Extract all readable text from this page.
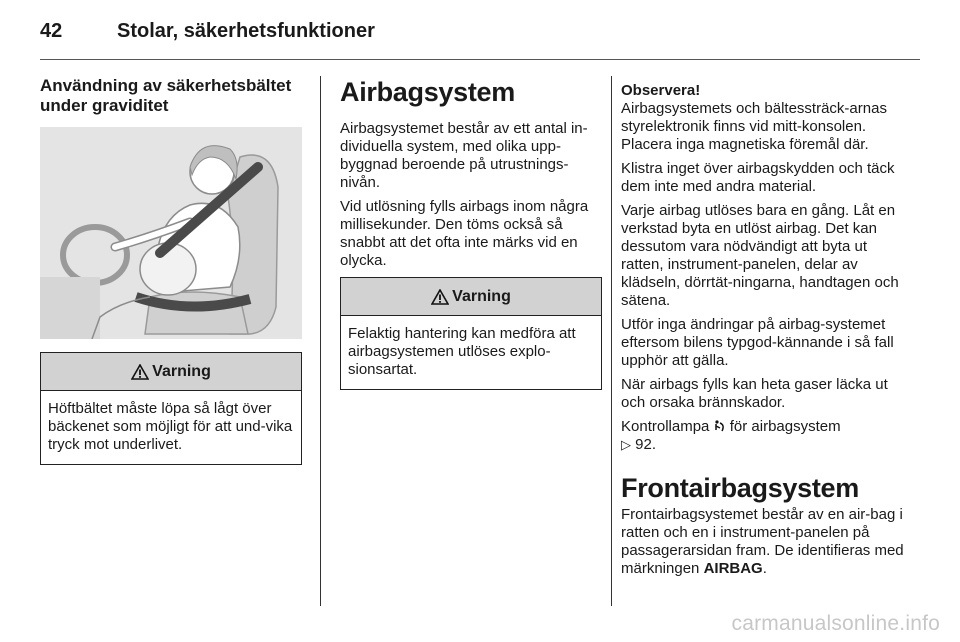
42	Stolar, säkerhetsfunktioner
Användning av säkerhetsbältet under graviditet
Varning
Höftbältet måste löpa så lågt över bäckenet som möjligt för att und-vika tryck mot underlivet.
Airbagsystem

Airbagsystemet består av ett antal in-dividuella system, med olika upp-byggnad beroende på utrustnings-nivån.

Vid utlösning fylls airbags inom några millisekunder. Den töms också så snabbt att det ofta inte märks vid en olycka.

Varning
Felaktig hantering kan medföra att airbagsystemen utlöses explo-sionsartat.

Observera!

Airbagsystemets och bältessträck-arnas styrelektronik finns vid mitt-konsolen. Placera inga magnetiska föremål där.

Klistra inget över airbagskydden och täck dem inte med andra material.

Varje airbag utlöses bara en gång. Låt en verkstad byta en utlöst airbag. Det kan dessutom vara nödvändigt att byta ut ratten, instrument-panelen, delar av klädseln, dörrtät-ningarna, handtagen och sätena.

Utför inga ändringar på airbag-systemet eftersom bilens typgod-kännande i så fall upphör att gälla.

När airbags fylls kan heta gaser läcka ut och orsaka brännskador.

Kontrollampa för airbagsystem
▷ 92.

Frontairbagsystem

Frontairbagsystemet består av en air-bag i ratten och en i instrument-panelen på passagerarsidan fram. De identifieras med märkningen AIRBAG.

carmanualsonline.info
